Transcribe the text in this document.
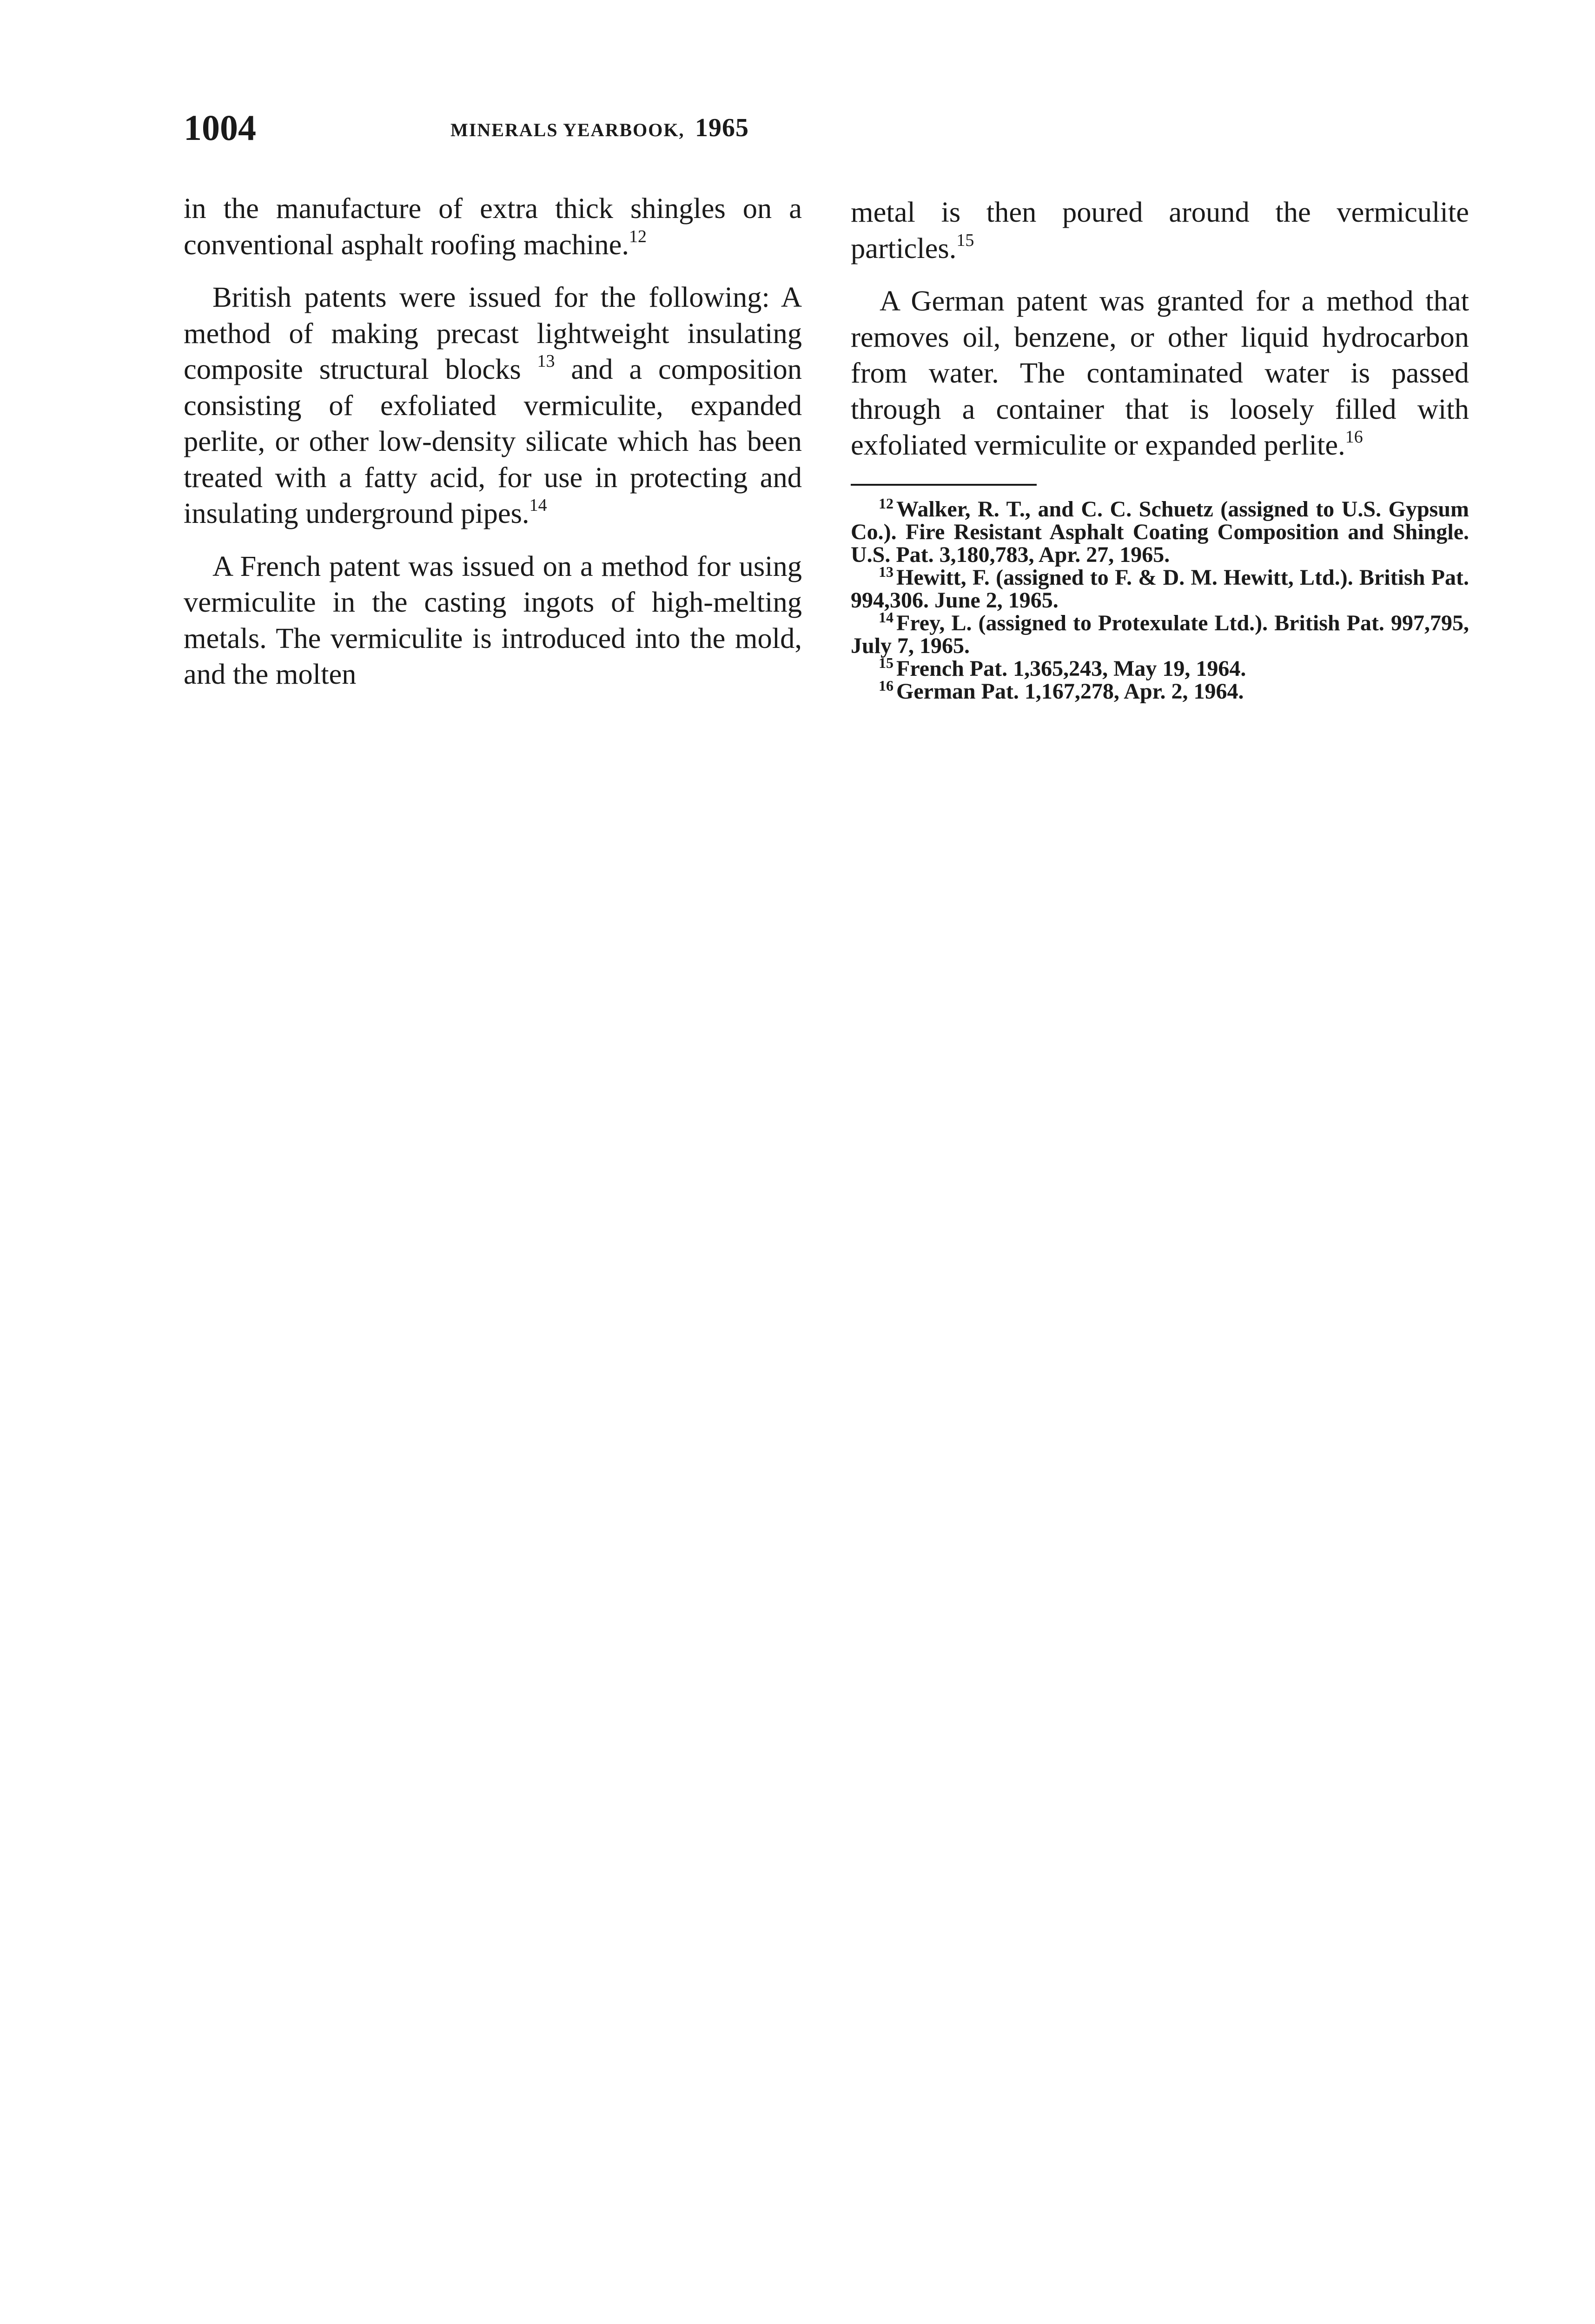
1004	MINERALS YEARBOOK, 1965

in the manufacture of extra thick shingles on a conventional asphalt roofing machine.$^{12}$

British patents were issued for the following: A method of making precast lightweight insulating composite structural blocks $^{13}$ and a composition consisting of exfoliated vermiculite, expanded perlite, or other low-density silicate which has been treated with a fatty acid, for use in protecting and insulating underground pipes.$^{14}$

A French patent was issued on a method for using vermiculite in the casting ingots of high-melting metals. The vermiculite is introduced into the mold, and the molten

metal is then poured around the vermiculite particles.$^{15}$

A German patent was granted for a method that removes oil, benzene, or other liquid hydrocarbon from water. The contaminated water is passed through a container that is loosely filled with exfoliated vermiculite or expanded perlite.$^{16}$

$^{12}$ Walker, R. T., and C. C. Schuetz (assigned to U.S. Gypsum Co.). Fire Resistant Asphalt Coating Composition and Shingle. U.S. Pat. 3,180,783, Apr. 27, 1965.

$^{13}$ Hewitt, F. (assigned to F. & D. M. Hewitt, Ltd.). British Pat. 994,306. June 2, 1965.

$^{14}$ Frey, L. (assigned to Protexulate Ltd.). British Pat. 997,795, July 7, 1965.

$^{15}$ French Pat. 1,365,243, May 19, 1964.

$^{16}$ German Pat. 1,167,278, Apr. 2, 1964.
